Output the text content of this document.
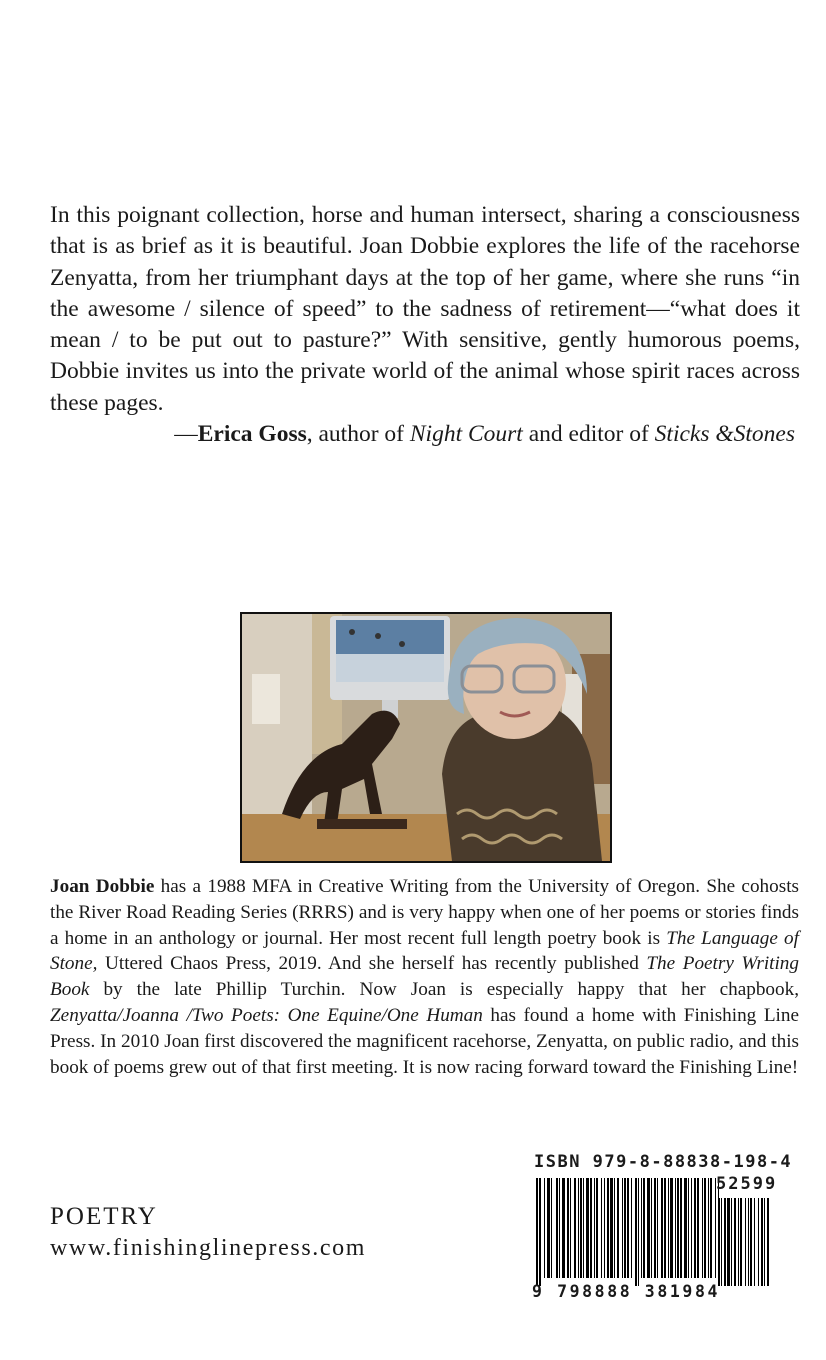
In this poignant collection, horse and human intersect, sharing a consciousness that is as brief as it is beautiful. Joan Dobbie explores the life of the racehorse Zenyatta, from her triumphant days at the top of her game, where she runs “in the awesome / silence of speed” to the sadness of retirement—“what does it mean / to be put out to pasture?” With sensitive, gently humorous poems, Dobbie invites us into the private world of the animal whose spirit races across these pages.

—Erica Goss, author of Night Court and editor of Sticks &Stones

Joan Dobbie has a 1988 MFA in Creative Writing from the University of Oregon. She cohosts the River Road Reading Series (RRRS) and is very happy when one of her poems or stories finds a home in an anthology or journal. Her most recent full length poetry book is The Language of Stone, Uttered Chaos Press, 2019. And she herself has recently published The Poetry Writing Book by the late Phillip Turchin. Now Joan is especially happy that her chapbook, Zenyatta/Joanna /Two Poets: One Equine/One Human has found a home with Finishing Line Press. In 2010 Joan first discovered the magnificent racehorse, Zenyatta, on public radio, and this book of poems grew out of that first meeting. It is now racing forward toward the Finishing Line!

POETRY
www.finishinglinepress.com
ISBN 979-8-88838-198-4
52599
9 798888 381984
